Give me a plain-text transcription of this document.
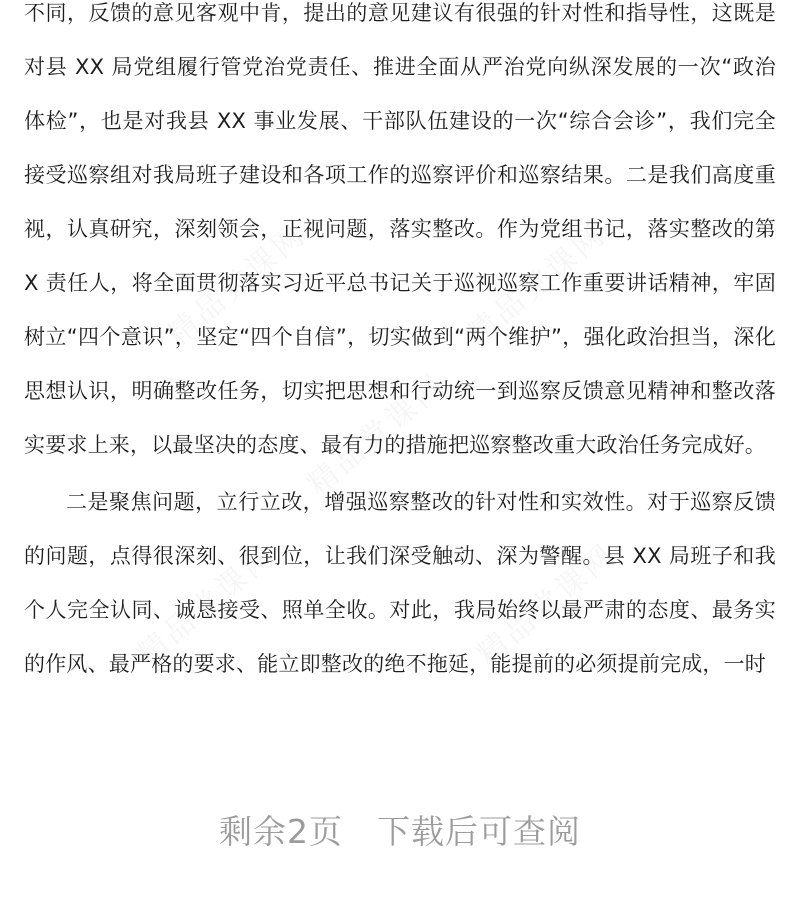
精品党课网	精品党课网
精品党课网
精品党课网	精品党课网

不同，反馈的意见客观中肯，提出的意见建议有很强的针对性和指导性，这既是对县 XX 局党组履行管党治党责任、推进全面从严治党向纵深发展的一次“政治体检”，也是对我县 XX 事业发展、干部队伍建设的一次“综合会诊”，我们完全接受巡察组对我局班子建设和各项工作的巡察评价和巡察结果。二是我们高度重视，认真研究，深刻领会，正视问题，落实整改。作为党组书记，落实整改的第 X 责任人，将全面贯彻落实习近平总书记关于巡视巡察工作重要讲话精神，牢固树立“四个意识”，坚定“四个自信”，切实做到“两个维护”，强化政治担当，深化思想认识，明确整改任务，切实把思想和行动统一到巡察反馈意见精神和整改落实要求上来，以最坚决的态度、最有力的措施把巡察整改重大政治任务完成好。

二是聚焦问题，立行立改，增强巡察整改的针对性和实效性。对于巡察反馈的问题，点得很深刻、很到位，让我们深受触动、深为警醒。县 XX 局班子和我个人完全认同、诚恳接受、照单全收。对此，我局始终以最严肃的态度、最务实的作风、最严格的要求、能立即整改的绝不拖延，能提前的必须提前完成，一时

剩余2页 下载后可查阅
